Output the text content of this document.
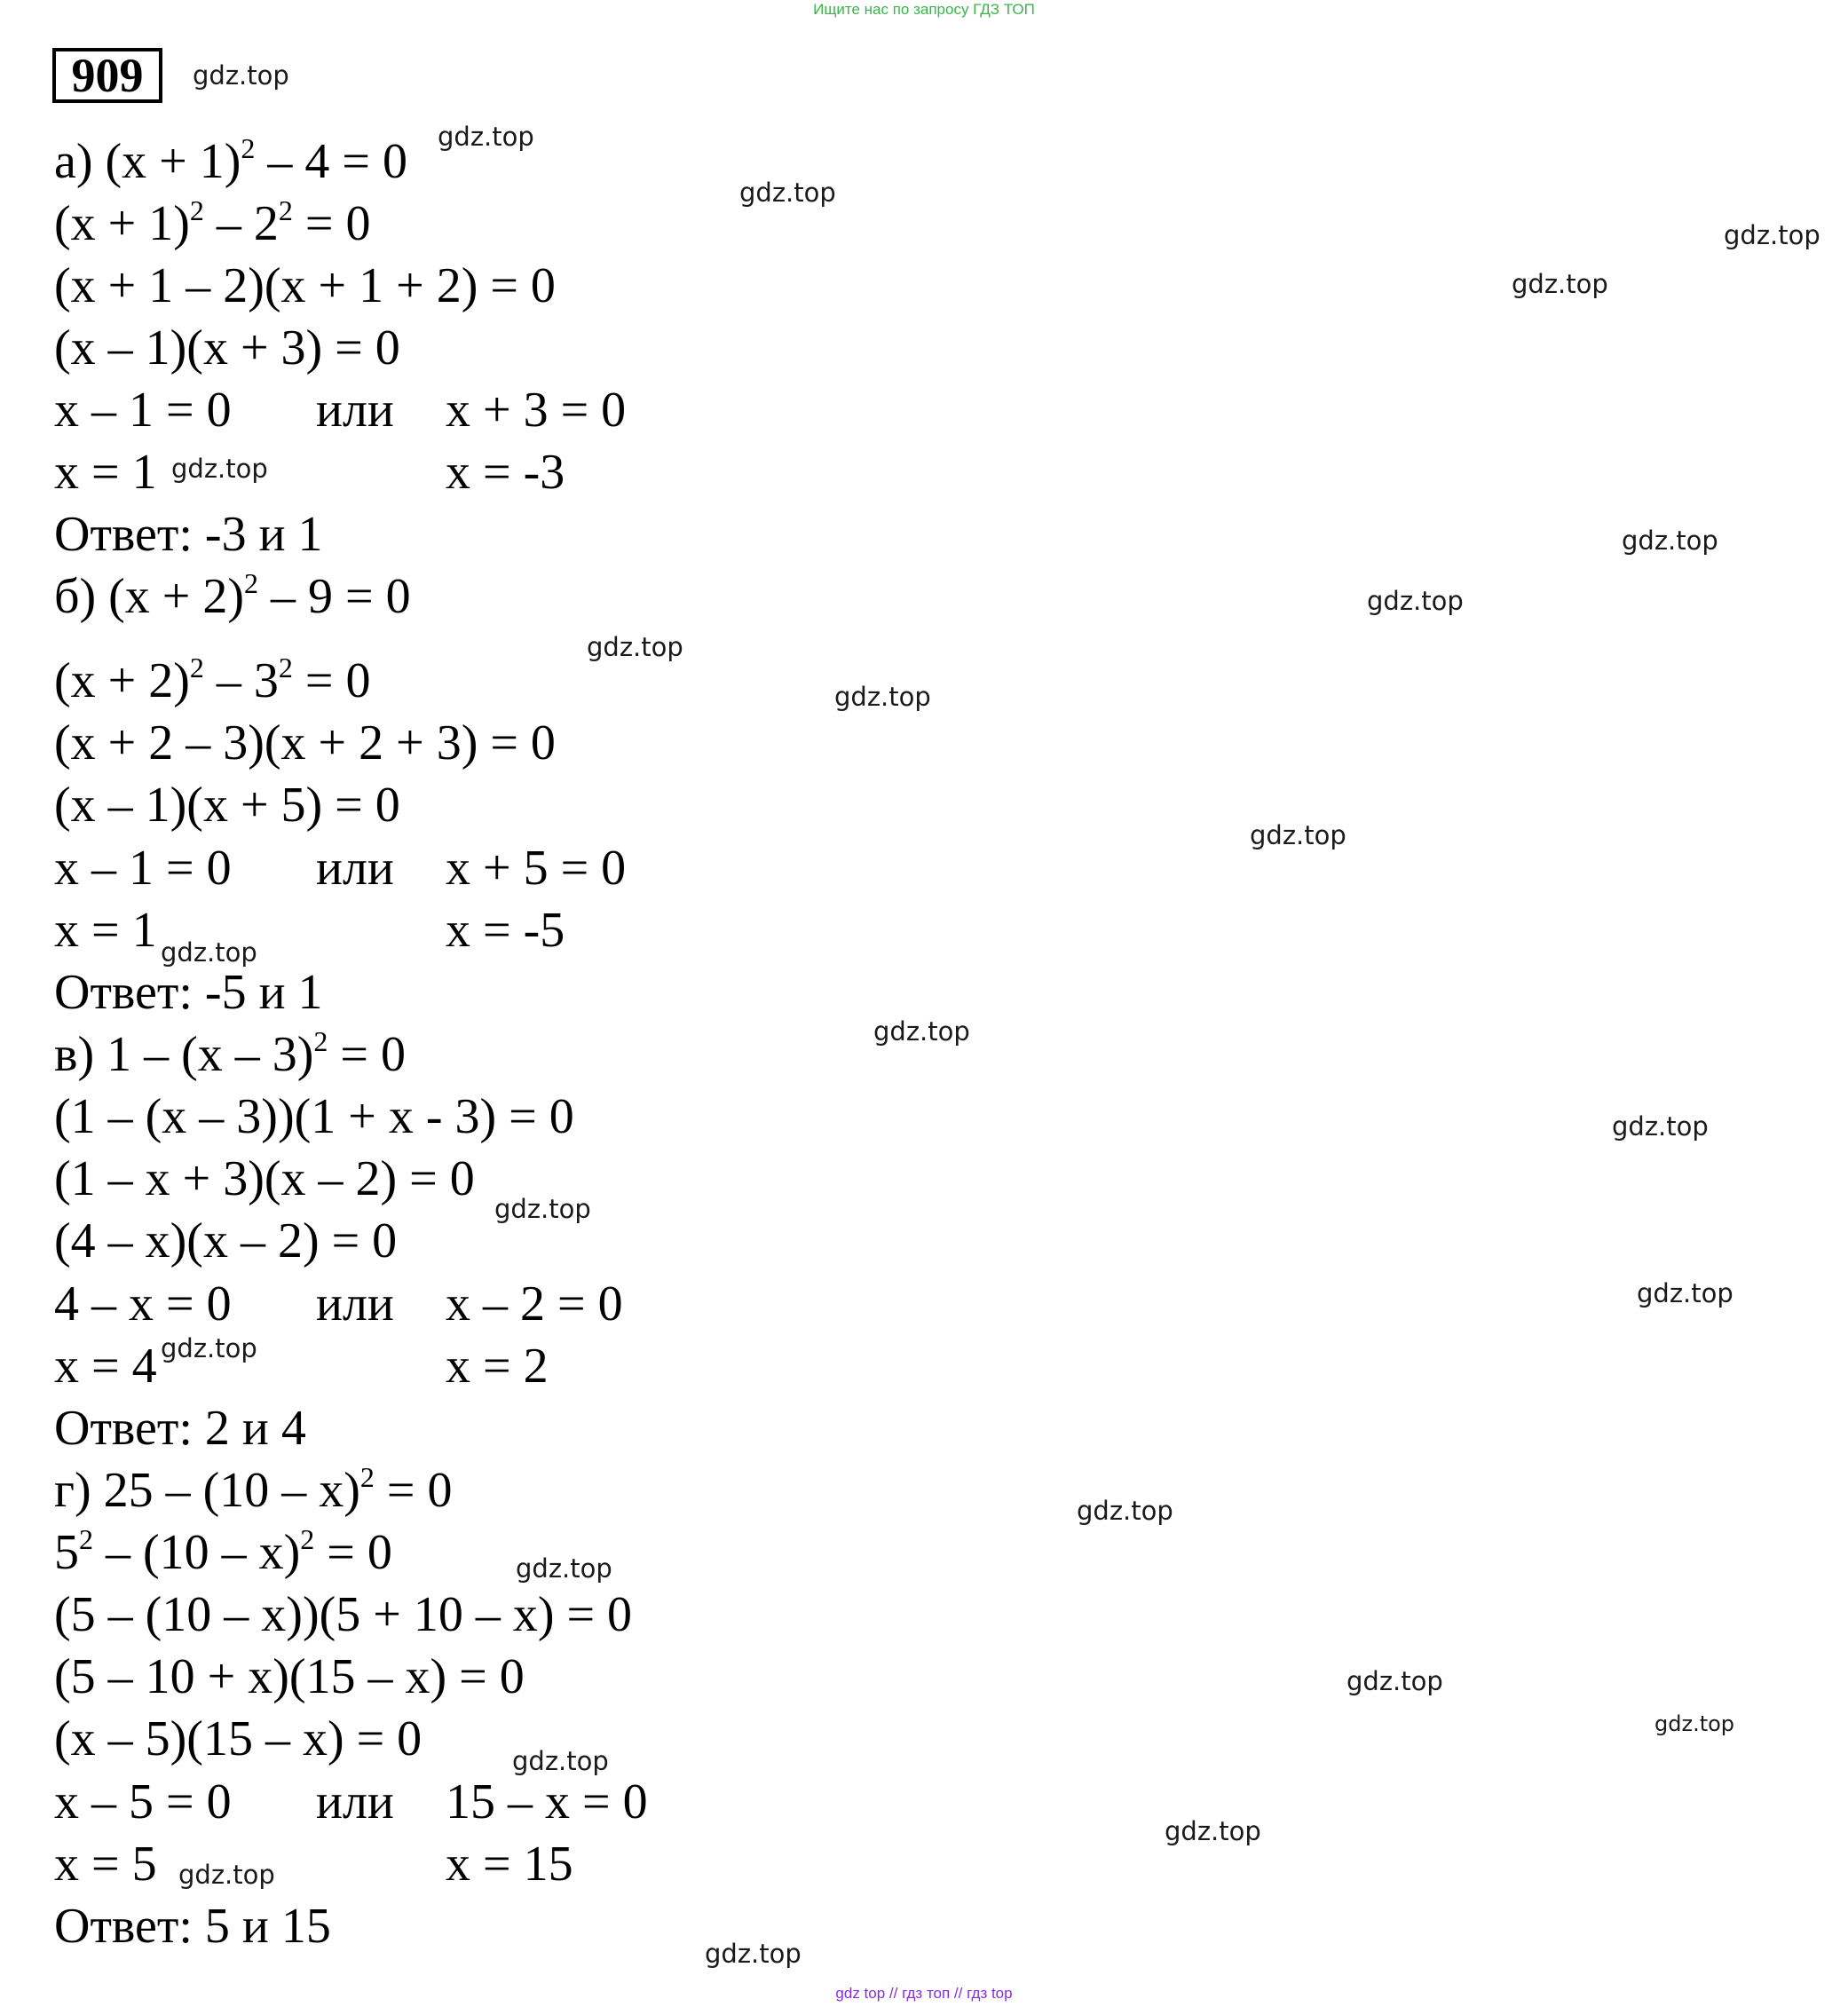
Ищите нас по запросу ГДЗ ТОП
909
а) $(x + 1)^2 - 4 = 0$
$(x + 1)^2 - 2^2 = 0$
(x + 1 – 2)(x + 1 + 2) = 0
(x – 1)(x + 3) = 0
x – 1 = 0 или x + 3 = 0
x = 1	x = -3
Ответ: -3 и 1
б) $(x + 2)^2 - 9 = 0$
$(x + 2)^2 - 3^2 = 0$
(x + 2 – 3)(x + 2 + 3) = 0
(x – 1)(x + 5) = 0
x – 1 = 0 или x + 5 = 0
x = 1	x = -5
Ответ: -5 и 1
в) 1 – (x – 3)$^2$ = 0
(1 – (x – 3))(1 + x - 3) = 0
(1 – x + 3)(x – 2) = 0
(4 – x)(x – 2) = 0
4 – x = 0 или x – 2 = 0
x = 4	x = 2
Ответ: 2 и 4
г) 25 – (10 – x)$^2$ = 0
$5^2 - (10 - x)^2 = 0$
(5 – (10 – x))(5 + 10 – x) = 0
(5 – 10 + x)(15 – x) = 0
(x – 5)(15 – x) = 0
x – 5 = 0 или 15 – x = 0
x = 5	x = 15
Ответ: 5 и 15
gdz.top
gdz.top
gdz.top
gdz.top
gdz.top
gdz.top
gdz.top
gdz.top
gdz.top
gdz.top
gdz.top
gdz.top
gdz.top
gdz.top
gdz.top
gdz.top
gdz.top
gdz.top
gdz.top
gdz.top
gdz.top
gdz.top
gdz.top
gdz.top
gdz.top
gdz top // гдз топ // гдз top
